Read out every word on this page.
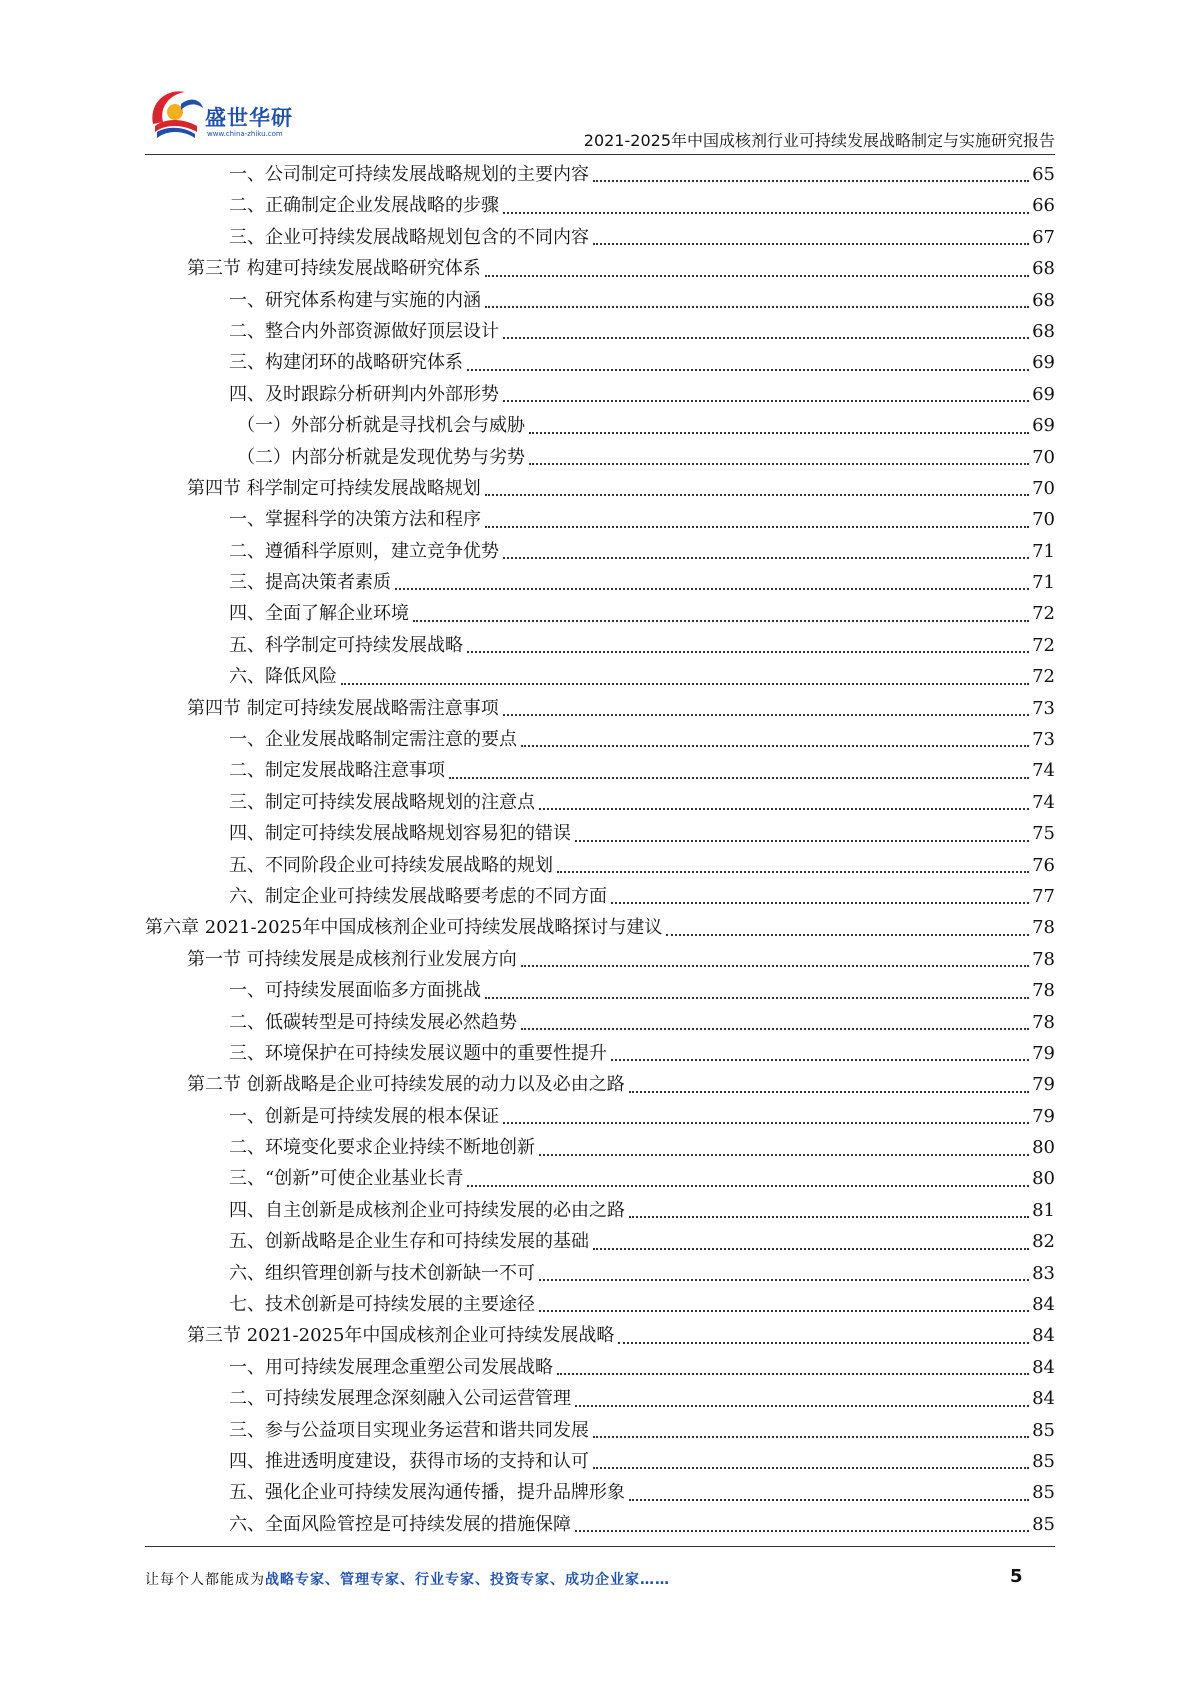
盛世华研
www.china-zhiku.com	2021-2025年中国成核剂行业可持续发展战略制定与实施研究报告
一、公司制定可持续发展战略规划的主要内容	65
二、正确制定企业发展战略的步骤	66
三、企业可持续发展战略规划包含的不同内容	67
第三节 构建可持续发展战略研究体系	68
一、研究体系构建与实施的内涵	68
二、整合内外部资源做好顶层设计	68
三、构建闭环的战略研究体系	69
四、及时跟踪分析研判内外部形势	69
（一）外部分析就是寻找机会与威胁	69
（二）内部分析就是发现优势与劣势	70
第四节 科学制定可持续发展战略规划	70
一、掌握科学的决策方法和程序	70
二、遵循科学原则，建立竞争优势	71
三、提高决策者素质	71
四、全面了解企业环境	72
五、科学制定可持续发展战略	72
六、降低风险	72
第四节 制定可持续发展战略需注意事项	73
一、企业发展战略制定需注意的要点	73
二、制定发展战略注意事项	74
三、制定可持续发展战略规划的注意点	74
四、制定可持续发展战略规划容易犯的错误	75
五、不同阶段企业可持续发展战略的规划	76
六、制定企业可持续发展战略要考虑的不同方面	77
第六章 2021-2025年中国成核剂企业可持续发展战略探讨与建议	78
第一节 可持续发展是成核剂行业发展方向	78
一、可持续发展面临多方面挑战	78
二、低碳转型是可持续发展必然趋势	78
三、环境保护在可持续发展议题中的重要性提升	79
第二节 创新战略是企业可持续发展的动力以及必由之路	79
一、创新是可持续发展的根本保证	79
二、环境变化要求企业持续不断地创新	80
三、“创新”可使企业基业长青	80
四、自主创新是成核剂企业可持续发展的必由之路	81
五、创新战略是企业生存和可持续发展的基础	82
六、组织管理创新与技术创新缺一不可	83
七、技术创新是可持续发展的主要途径	84
第三节 2021-2025年中国成核剂企业可持续发展战略	84
一、用可持续发展理念重塑公司发展战略	84
二、可持续发展理念深刻融入公司运营管理	84
三、参与公益项目实现业务运营和谐共同发展	85
四、推进透明度建设，获得市场的支持和认可	85
五、强化企业可持续发展沟通传播，提升品牌形象	85
六、全面风险管控是可持续发展的措施保障	85
让每个人都能成为战略专家、管理专家、行业专家、投资专家、成功企业家……	5
